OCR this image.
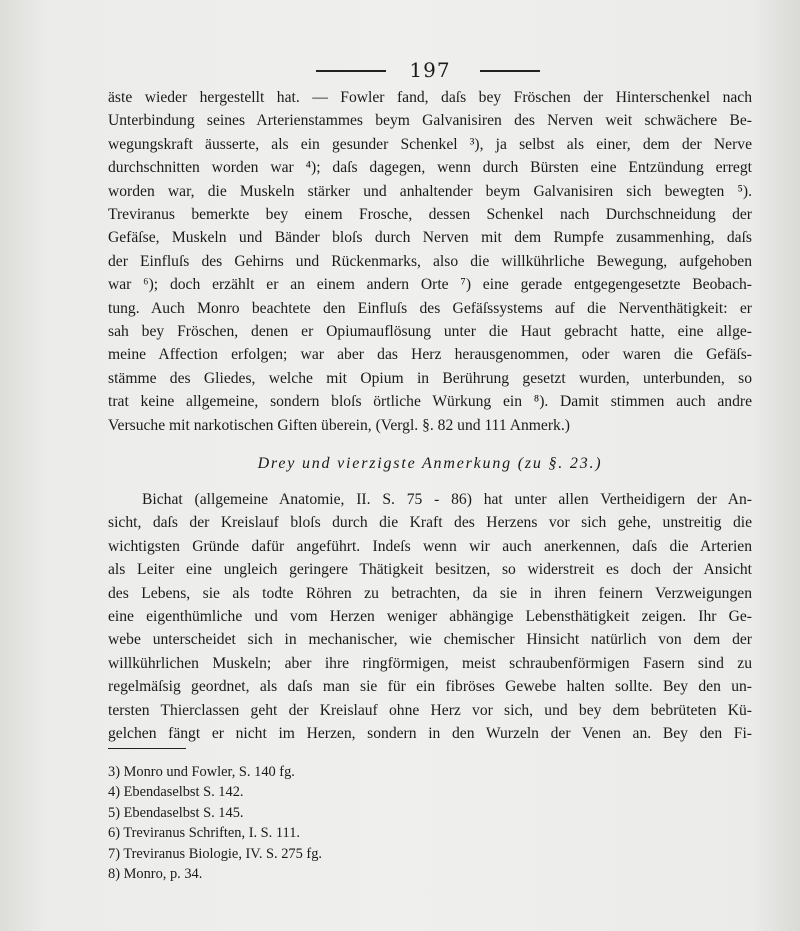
197
äste wieder hergestellt hat. — Fowler fand, daſs bey Fröschen der Hinterschenkel nach
Unterbindung seines Arterienstammes beym Galvanisiren des Nerven weit schwächere Be-
wegungskraft äusserte, als ein gesunder Schenkel ³), ja selbst als einer, dem der Nerve
durchschnitten worden war ⁴); daſs dagegen, wenn durch Bürsten eine Entzündung erregt
worden war, die Muskeln stärker und anhaltender beym Galvanisiren sich bewegten ⁵).
Treviranus bemerkte bey einem Frosche, dessen Schenkel nach Durchschneidung der
Gefäſse, Muskeln und Bänder bloſs durch Nerven mit dem Rumpfe zusammenhing, daſs
der Einfluſs des Gehirns und Rückenmarks, also die willkührliche Bewegung, aufgehoben
war ⁶); doch erzählt er an einem andern Orte ⁷) eine gerade entgegengesetzte Beobach-
tung. Auch Monro beachtete den Einfluſs des Gefäſssystems auf die Nerventhätigkeit: er
sah bey Fröschen, denen er Opiumauflösung unter die Haut gebracht hatte, eine allge-
meine Affection erfolgen; war aber das Herz herausgenommen, oder waren die Gefäſs-
stämme des Gliedes, welche mit Opium in Berührung gesetzt wurden, unterbunden, so
trat keine allgemeine, sondern bloſs örtliche Würkung ein ⁸). Damit stimmen auch andre
Versuche mit narkotischen Giften überein, (Vergl. §. 82 und 111 Anmerk.)
Drey und vierzigste Anmerkung (zu §. 23.)
Bichat (allgemeine Anatomie, II. S. 75 - 86) hat unter allen Vertheidigern der An-
sicht, daſs der Kreislauf bloſs durch die Kraft des Herzens vor sich gehe, unstreitig die
wichtigsten Gründe dafür angeführt. Indeſs wenn wir auch anerkennen, daſs die Arterien
als Leiter eine ungleich geringere Thätigkeit besitzen, so widerstreit es doch der Ansicht
des Lebens, sie als todte Röhren zu betrachten, da sie in ihren feinern Verzweigungen
eine eigenthümliche und vom Herzen weniger abhängige Lebensthätigkeit zeigen. Ihr Ge-
webe unterscheidet sich in mechanischer, wie chemischer Hinsicht natürlich von dem der
willkührlichen Muskeln; aber ihre ringförmigen, meist schraubenförmigen Fasern sind zu
regelmäſsig geordnet, als daſs man sie für ein fibröses Gewebe halten sollte. Bey den un-
tersten Thierclassen geht der Kreislauf ohne Herz vor sich, und bey dem bebrüteten Kü-
gelchen fängt er nicht im Herzen, sondern in den Wurzeln der Venen an. Bey den Fi-
3) Monro und Fowler, S. 140 fg.
4) Ebendaselbst S. 142.
5) Ebendaselbst S. 145.
6) Treviranus Schriften, I. S. 111.
7) Treviranus Biologie, IV. S. 275 fg.
8) Monro, p. 34.
